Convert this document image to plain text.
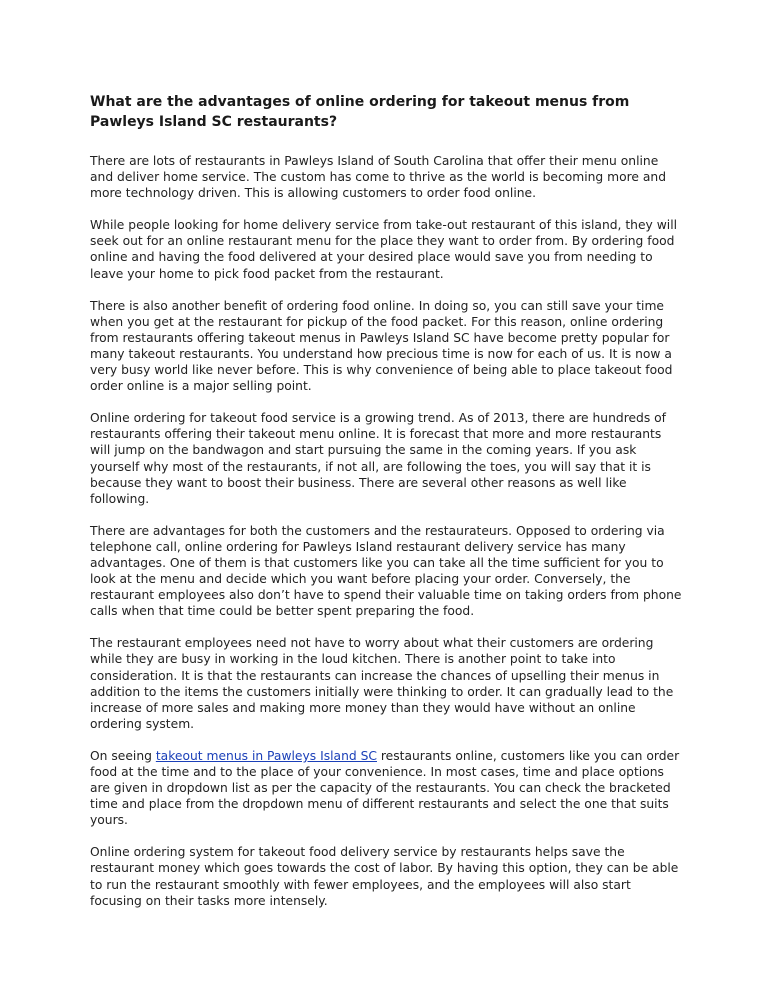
What are the advantages of online ordering for takeout menus from Pawleys Island SC restaurants?

There are lots of restaurants in Pawleys Island of South Carolina that offer their menu online and deliver home service. The custom has come to thrive as the world is becoming more and more technology driven. This is allowing customers to order food online.

While people looking for home delivery service from take-out restaurant of this island, they will seek out for an online restaurant menu for the place they want to order from. By ordering food online and having the food delivered at your desired place would save you from needing to leave your home to pick food packet from the restaurant.

There is also another benefit of ordering food online. In doing so, you can still save your time when you get at the restaurant for pickup of the food packet. For this reason, online ordering from restaurants offering takeout menus in Pawleys Island SC have become pretty popular for many takeout restaurants. You understand how precious time is now for each of us. It is now a very busy world like never before. This is why convenience of being able to place takeout food order online is a major selling point.

Online ordering for takeout food service is a growing trend. As of 2013, there are hundreds of restaurants offering their takeout menu online. It is forecast that more and more restaurants will jump on the bandwagon and start pursuing the same in the coming years. If you ask yourself why most of the restaurants, if not all, are following the toes, you will say that it is because they want to boost their business. There are several other reasons as well like following.

There are advantages for both the customers and the restaurateurs. Opposed to ordering via telephone call, online ordering for Pawleys Island restaurant delivery service has many advantages. One of them is that customers like you can take all the time sufficient for you to look at the menu and decide which you want before placing your order. Conversely, the restaurant employees also don’t have to spend their valuable time on taking orders from phone calls when that time could be better spent preparing the food.

The restaurant employees need not have to worry about what their customers are ordering while they are busy in working in the loud kitchen. There is another point to take into consideration. It is that the restaurants can increase the chances of upselling their menus in addition to the items the customers initially were thinking to order. It can gradually lead to the increase of more sales and making more money than they would have without an online ordering system.

On seeing takeout menus in Pawleys Island SC restaurants online, customers like you can order food at the time and to the place of your convenience. In most cases, time and place options are given in dropdown list as per the capacity of the restaurants. You can check the bracketed time and place from the dropdown menu of different restaurants and select the one that suits yours.

Online ordering system for takeout food delivery service by restaurants helps save the restaurant money which goes towards the cost of labor. By having this option, they can be able to run the restaurant smoothly with fewer employees, and the employees will also start focusing on their tasks more intensely.
